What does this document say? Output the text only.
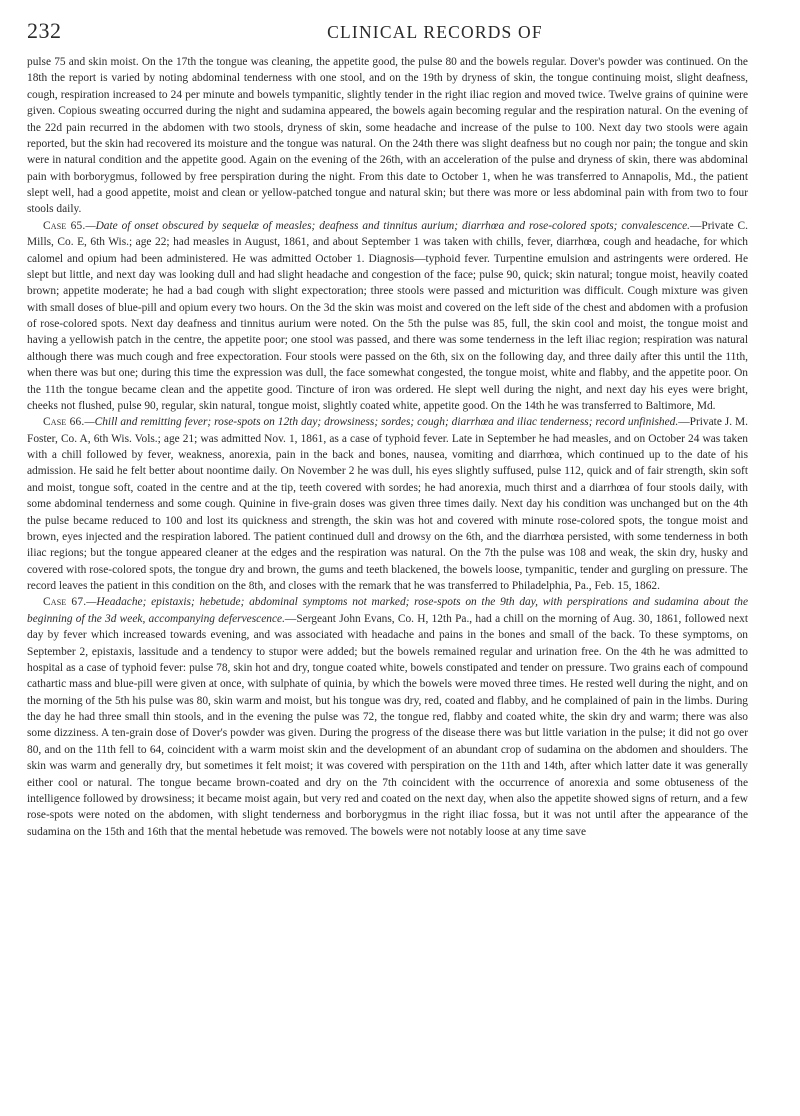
232	CLINICAL RECORDS OF

pulse 75 and skin moist. On the 17th the tongue was cleaning, the appetite good, the pulse 80 and the bowels regular. Dover's powder was continued. On the 18th the report is varied by noting abdominal tenderness with one stool, and on the 19th by dryness of skin, the tongue continuing moist, slight deafness, cough, respiration increased to 24 per minute and bowels tympanitic, slightly tender in the right iliac region and moved twice. Twelve grains of quinine were given. Copious sweating occurred during the night and sudamina appeared, the bowels again becoming regular and the respiration natural. On the evening of the 22d pain recurred in the abdomen with two stools, dryness of skin, some headache and increase of the pulse to 100. Next day two stools were again reported, but the skin had recovered its moisture and the tongue was natural. On the 24th there was slight deafness but no cough nor pain; the tongue and skin were in natural condition and the appetite good. Again on the evening of the 26th, with an acceleration of the pulse and dryness of skin, there was abdominal pain with borborygmus, followed by free perspiration during the night. From this date to October 1, when he was transferred to Annapolis, Md., the patient slept well, had a good appetite, moist and clean or yellow-patched tongue and natural skin; but there was more or less abdominal pain with from two to four stools daily.

Case 65.—Date of onset obscured by sequelæ of measles; deafness and tinnitus aurium; diarrhœa and rose-colored spots; convalescence.—Private C. Mills, Co. E, 6th Wis.; age 22; had measles in August, 1861, and about September 1 was taken with chills, fever, diarrhœa, cough and headache, for which calomel and opium had been administered. He was admitted October 1. Diagnosis—typhoid fever. Turpentine emulsion and astringents were ordered. He slept but little, and next day was looking dull and had slight headache and congestion of the face; pulse 90, quick; skin natural; tongue moist, heavily coated brown; appetite moderate; he had a bad cough with slight expectoration; three stools were passed and micturition was difficult. Cough mixture was given with small doses of blue-pill and opium every two hours. On the 3d the skin was moist and covered on the left side of the chest and abdomen with a profusion of rose-colored spots. Next day deafness and tinnitus aurium were noted. On the 5th the pulse was 85, full, the skin cool and moist, the tongue moist and having a yellowish patch in the centre, the appetite poor; one stool was passed, and there was some tenderness in the left iliac region; respiration was natural although there was much cough and free expectoration. Four stools were passed on the 6th, six on the following day, and three daily after this until the 11th, when there was but one; during this time the expression was dull, the face somewhat congested, the tongue moist, white and flabby, and the appetite poor. On the 11th the tongue became clean and the appetite good. Tincture of iron was ordered. He slept well during the night, and next day his eyes were bright, cheeks not flushed, pulse 90, regular, skin natural, tongue moist, slightly coated white, appetite good. On the 14th he was transferred to Baltimore, Md.

Case 66.—Chill and remitting fever; rose-spots on 12th day; drowsiness; sordes; cough; diarrhœa and iliac tenderness; record unfinished.—Private J. M. Foster, Co. A, 6th Wis. Vols.; age 21; was admitted Nov. 1, 1861, as a case of typhoid fever. Late in September he had measles, and on October 24 was taken with a chill followed by fever, weakness, anorexia, pain in the back and bones, nausea, vomiting and diarrhœa, which continued up to the date of his admission. He said he felt better about noontime daily. On November 2 he was dull, his eyes slightly suffused, pulse 112, quick and of fair strength, skin soft and moist, tongue soft, coated in the centre and at the tip, teeth covered with sordes; he had anorexia, much thirst and a diarrhœa of four stools daily, with some abdominal tenderness and some cough. Quinine in five-grain doses was given three times daily. Next day his condition was unchanged but on the 4th the pulse became reduced to 100 and lost its quickness and strength, the skin was hot and covered with minute rose-colored spots, the tongue moist and brown, eyes injected and the respiration labored. The patient continued dull and drowsy on the 6th, and the diarrhœa persisted, with some tenderness in both iliac regions; but the tongue appeared cleaner at the edges and the respiration was natural. On the 7th the pulse was 108 and weak, the skin dry, husky and covered with rose-colored spots, the tongue dry and brown, the gums and teeth blackened, the bowels loose, tympanitic, tender and gurgling on pressure. The record leaves the patient in this condition on the 8th, and closes with the remark that he was transferred to Philadelphia, Pa., Feb. 15, 1862.

Case 67.—Headache; epistaxis; hebetude; abdominal symptoms not marked; rose-spots on the 9th day, with perspirations and sudamina about the beginning of the 3d week, accompanying defervescence.—Sergeant John Evans, Co. H, 12th Pa., had a chill on the morning of Aug. 30, 1861, followed next day by fever which increased towards evening, and was associated with headache and pains in the bones and small of the back. To these symptoms, on September 2, epistaxis, lassitude and a tendency to stupor were added; but the bowels remained regular and urination free. On the 4th he was admitted to hospital as a case of typhoid fever: pulse 78, skin hot and dry, tongue coated white, bowels constipated and tender on pressure. Two grains each of compound cathartic mass and blue-pill were given at once, with sulphate of quinia, by which the bowels were moved three times. He rested well during the night, and on the morning of the 5th his pulse was 80, skin warm and moist, but his tongue was dry, red, coated and flabby, and he complained of pain in the limbs. During the day he had three small thin stools, and in the evening the pulse was 72, the tongue red, flabby and coated white, the skin dry and warm; there was also some dizziness. A ten-grain dose of Dover's powder was given. During the progress of the disease there was but little variation in the pulse; it did not go over 80, and on the 11th fell to 64, coincident with a warm moist skin and the development of an abundant crop of sudamina on the abdomen and shoulders. The skin was warm and generally dry, but sometimes it felt moist; it was covered with perspiration on the 11th and 14th, after which latter date it was generally either cool or natural. The tongue became brown-coated and dry on the 7th coincident with the occurrence of anorexia and some obtuseness of the intelligence followed by drowsiness; it became moist again, but very red and coated on the next day, when also the appetite showed signs of return, and a few rose-spots were noted on the abdomen, with slight tenderness and borborygmus in the right iliac fossa, but it was not until after the appearance of the sudamina on the 15th and 16th that the mental hebetude was removed. The bowels were not notably loose at any time save
